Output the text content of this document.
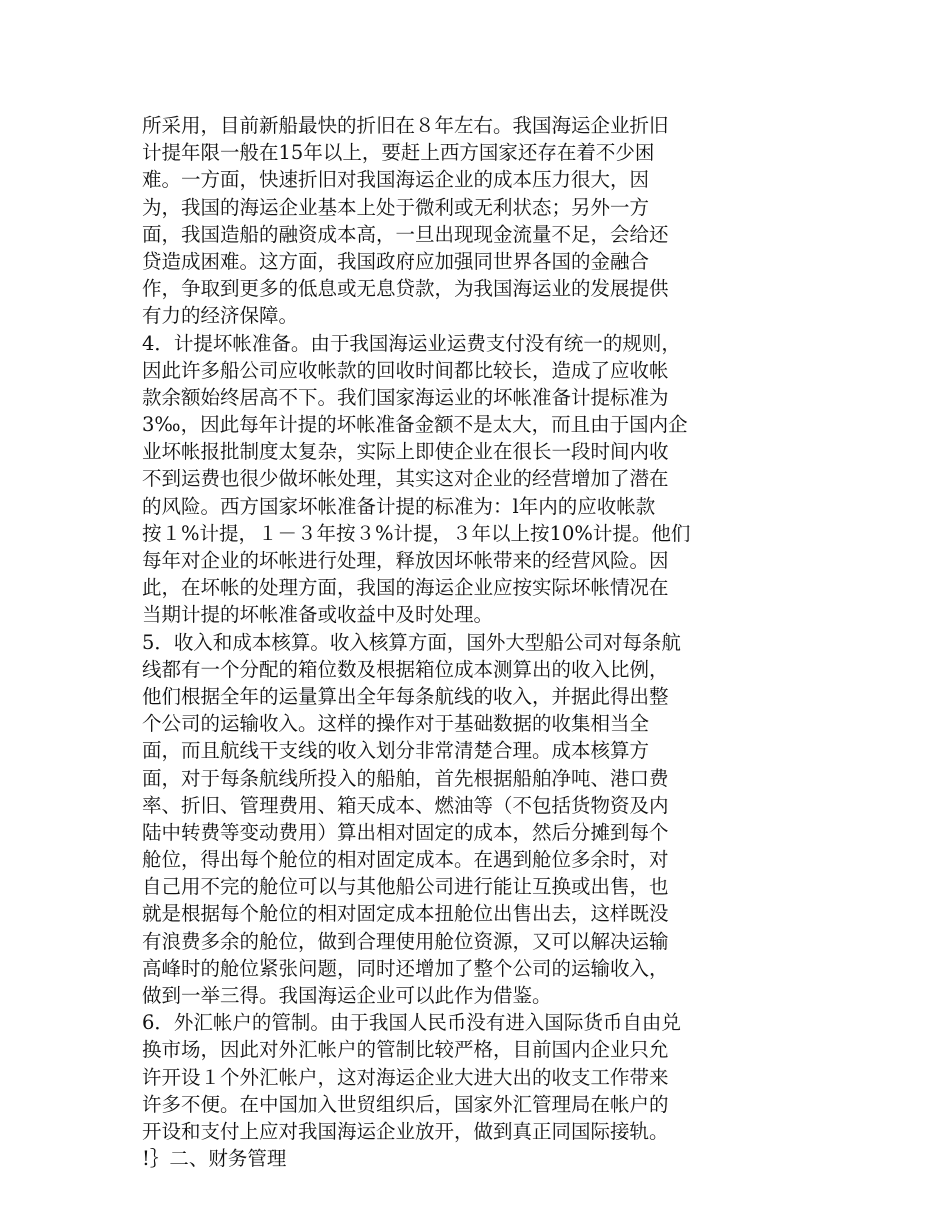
所采用，目前新船最快的折旧在８年左右。我国海运企业折旧
计提年限一般在15年以上，要赶上西方国家还存在着不少困
难。一方面，快速折旧对我国海运企业的成本压力很大，因
为，我国的海运企业基本上处于微利或无利状态；另外一方
面，我国造船的融资成本高，一旦出现现金流量不足，会给还
贷造成困难。这方面，我国政府应加强同世界各国的金融合
作，争取到更多的低息或无息贷款，为我国海运业的发展提供
有力的经济保障。
4．计提坏帐准备。由于我国海运业运费支付没有统一的规则，
因此许多船公司应收帐款的回收时间都比较长，造成了应收帐
款余额始终居高不下。我们国家海运业的坏帐准备计提标准为
3‰，因此每年计提的坏帐准备金额不是太大，而且由于国内企
业坏帐报批制度太复杂，实际上即使企业在很长一段时间内收
不到运费也很少做坏帐处理，其实这对企业的经营增加了潜在
的风险。西方国家坏帐准备计提的标准为：l年内的应收帐款
按１%计提，１－３年按３%计提，３年以上按10%计提。他们
每年对企业的坏帐进行处理，释放因坏帐带来的经营风险。因
此，在坏帐的处理方面，我国的海运企业应按实际坏帐情况在
当期计提的坏帐准备或收益中及时处理。
5．收入和成本核算。收入核算方面，国外大型船公司对每条航
线都有一个分配的箱位数及根据箱位成本测算出的收入比例，
他们根据全年的运量算出全年每条航线的收入，并据此得出整
个公司的运输收入。这样的操作对于基础数据的收集相当全
面，而且航线干支线的收入划分非常清楚合理。成本核算方
面，对于每条航线所投入的船舶，首先根据船舶净吨、港口费
率、折旧、管理费用、箱天成本、燃油等（不包括货物资及内
陆中转费等变动费用）算出相对固定的成本，然后分摊到每个
舱位，得出每个舱位的相对固定成本。在遇到舱位多余时，对
自己用不完的舱位可以与其他船公司进行能让互换或出售，也
就是根据每个舱位的相对固定成本扭舱位出售出去，这样既没
有浪费多余的舱位，做到合理使用舱位资源，又可以解决运输
高峰时的舱位紧张问题，同时还增加了整个公司的运输收入，
做到一举三得。我国海运企业可以此作为借鉴。
6．外汇帐户的管制。由于我国人民币没有进入国际货币自由兑
换市场，因此对外汇帐户的管制比较严格，目前国内企业只允
许开设１个外汇帐户，这对海运企业大进大出的收支工作带来
许多不便。在中国加入世贸组织后，国家外汇管理局在帐户的
开设和支付上应对我国海运企业放开，做到真正同国际接轨。
!｝二、财务管理
